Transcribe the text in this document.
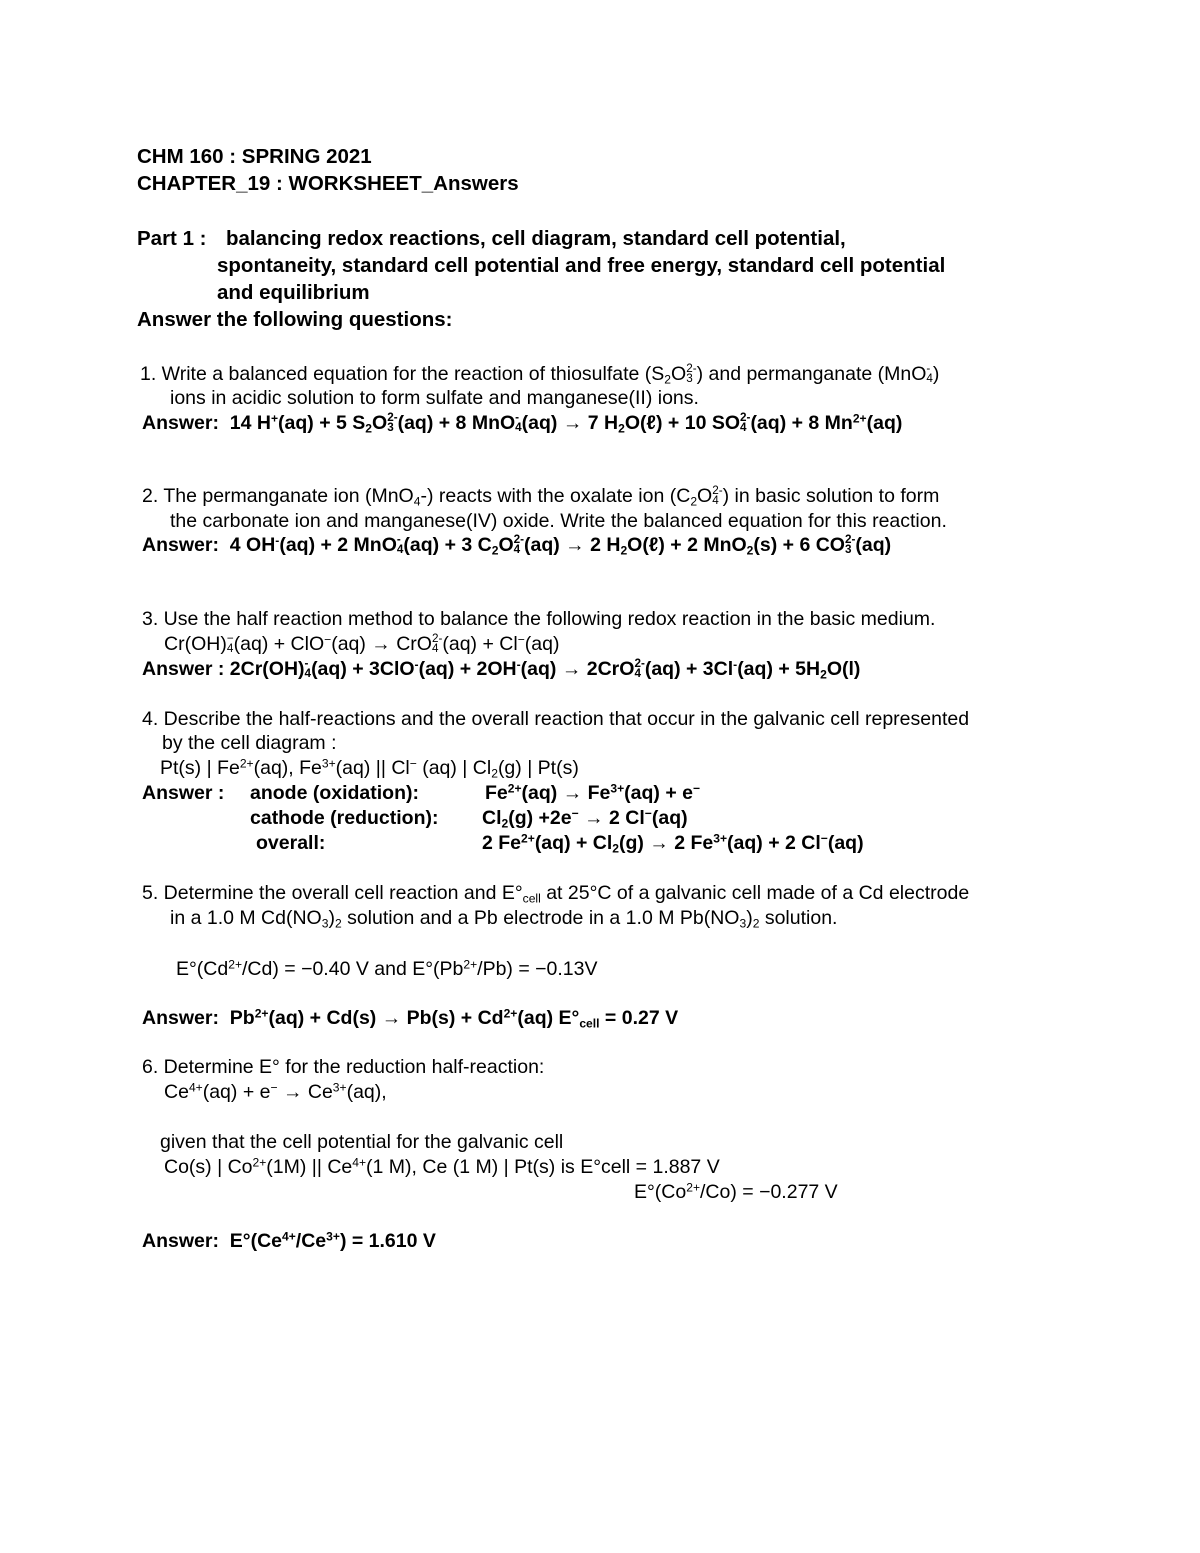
CHM 160 : SPRING 2021
CHAPTER_19 : WORKSHEET_Answers
Part 1 : balancing redox reactions, cell diagram, standard cell potential,
spontaneity, standard cell potential and free energy, standard cell potential
and equilibrium
Answer the following questions:
1. Write a balanced equation for the reaction of thiosulfate ($S_2O$ 2-
3 ) and permanganate (MnO -
4 )
ions in acidic solution to form sulfate and manganese(II) ions.
Answer: 14 H+(aq) + 5 $S_2O$ 2-
3 (aq) + 8 MnO -
4 (aq) → 7 $H_2O(\ell) + 10$ SO 2-
4 (aq) + 8 $Mn^{2+}(aq)$
2. The permanganate ion (MnO$_4$-) reacts with the oxalate ion ($C_2O$ 2-
4 ) in basic solution to form
the carbonate ion and manganese(IV) oxide. Write the balanced equation for this reaction.
Answer: 4 OH-(aq) + 2 MnO -
4 (aq) + 3 $C_2O$ 2-
4 (aq) → 2 $H_2O(\ell) + 2$ MnO$_2$(s) + 6 CO 2-
3 (aq)
3. Use the half reaction method to balance the following redox reaction in the basic medium.
Cr(OH) −
4 (aq) + ClO−(aq) → CrO 2-
4 (aq) + Cl−(aq)
Answer : 2Cr(OH) -
4 (aq) + 3ClO-(aq) + 2OH-(aq) → 2CrO 2-
4 $(aq) + 3Cl^-(aq) + 5H_2O(l)$
4. Describe the half-reactions and the overall reaction that occur in the galvanic cell represented
by the cell diagram :
Pt(s) | $Fe^{2+}(aq)$, $Fe^{3+}(aq)$ || Cl− (aq) | $Cl_2(g)$ | Pt(s)
Answer : anode (oxidation):	$Fe^{2+}(aq) \to Fe^{3+}(aq) + e^-$
cathode (reduction): $Cl_2(g) +2e^- \to 2$ Cl−(aq)
overall:	2 $Fe^{2+}(aq) + Cl_2(g) \to 2$ $Fe^{3+}(aq) + 2$ Cl−(aq)
5. Determine the overall cell reaction and $E^\circ_{cell}$ at 25°C of a galvanic cell made of a Cd electrode
in a 1.0 M $Cd(NO_3)_2$ solution and a Pb electrode in a 1.0 M $Pb(NO_3)_2$ solution.
$E^\circ(Cd^{2+}/Cd) = -0.40$ V and $E^\circ(Pb^{2+}/Pb) = -0.13V$
Answer: $Pb^{2+}(aq) + Cd(s) \to Pb(s) + Cd^{2+}(aq) E^\circ_{cell} = 0.27$ V
6. Determine E° for the reduction half-reaction:
$Ce^{4+}(aq) + e^- \to Ce^{3+}(aq)$,
given that the cell potential for the galvanic cell
Co(s) | $Co^{2+}(1M)$ || $Ce^{4+}(1$ M), Ce (1 M) | Pt(s) is E°cell = 1.887 V
$E^\circ(Co^{2+}/Co) = -0.277$ V
Answer: $E^\circ(Ce^{4+}/Ce^{3+}) = 1.610$ V
